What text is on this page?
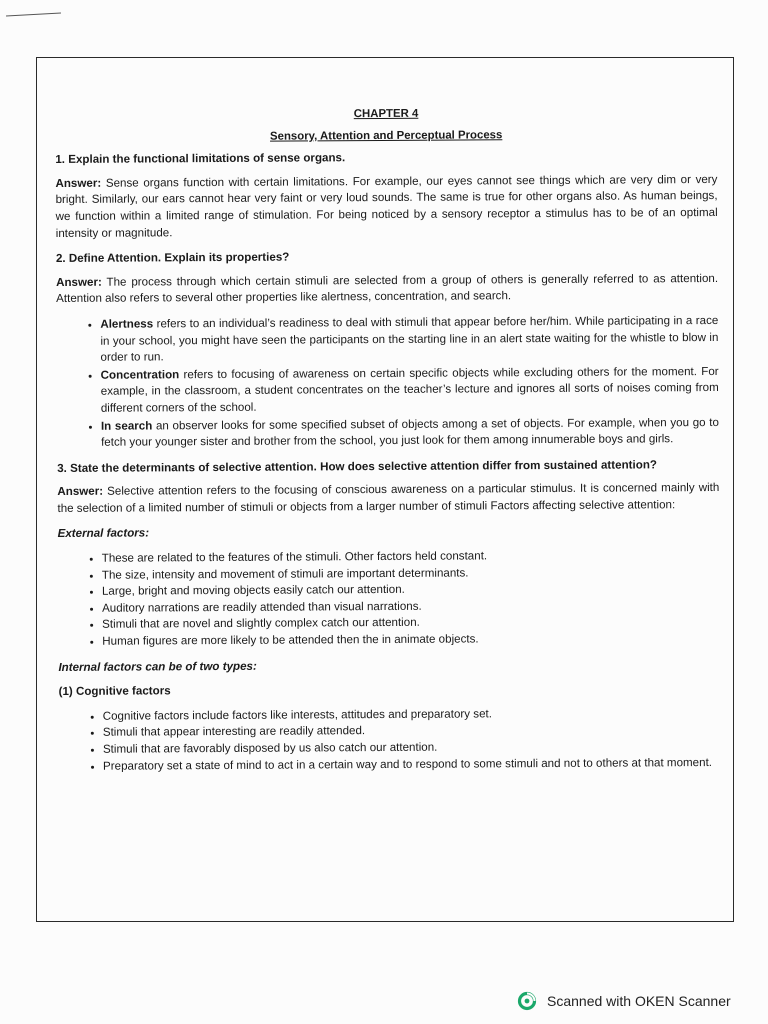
CHAPTER 4
Sensory, Attention and Perceptual Process
1. Explain the functional limitations of sense organs.
Answer: Sense organs function with certain limitations. For example, our eyes cannot see things which are very dim or very bright. Similarly, our ears cannot hear very faint or very loud sounds. The same is true for other organs also. As human beings, we function within a limited range of stimulation. For being noticed by a sensory receptor a stimulus has to be of an optimal intensity or magnitude.
2. Define Attention. Explain its properties?
Answer: The process through which certain stimuli are selected from a group of others is generally referred to as attention. Attention also refers to several other properties like alertness, concentration, and search.
• Alertness refers to an individual’s readiness to deal with stimuli that appear before her/him. While participating in a race in your school, you might have seen the participants on the starting line in an alert state waiting for the whistle to blow in order to run.
• Concentration refers to focusing of awareness on certain specific objects while excluding others for the moment. For example, in the classroom, a student concentrates on the teacher’s lecture and ignores all sorts of noises coming from different corners of the school.
• In search an observer looks for some specified subset of objects among a set of objects. For example, when you go to fetch your younger sister and brother from the school, you just look for them among innumerable boys and girls.
3. State the determinants of selective attention. How does selective attention differ from sustained attention?
Answer: Selective attention refers to the focusing of conscious awareness on a particular stimulus. It is concerned mainly with the selection of a limited number of stimuli or objects from a larger number of stimuli Factors affecting selective attention:
External factors:
• These are related to the features of the stimuli. Other factors held constant.
• The size, intensity and movement of stimuli are important determinants.
• Large, bright and moving objects easily catch our attention.
• Auditory narrations are readily attended than visual narrations.
• Stimuli that are novel and slightly complex catch our attention.
• Human figures are more likely to be attended then the in animate objects.
Internal factors can be of two types:
(1) Cognitive factors
• Cognitive factors include factors like interests, attitudes and preparatory set.
• Stimuli that appear interesting are readily attended.
• Stimuli that are favorably disposed by us also catch our attention.
• Preparatory set a state of mind to act in a certain way and to respond to some stimuli and not to others at that moment.
Scanned with OKEN Scanner
